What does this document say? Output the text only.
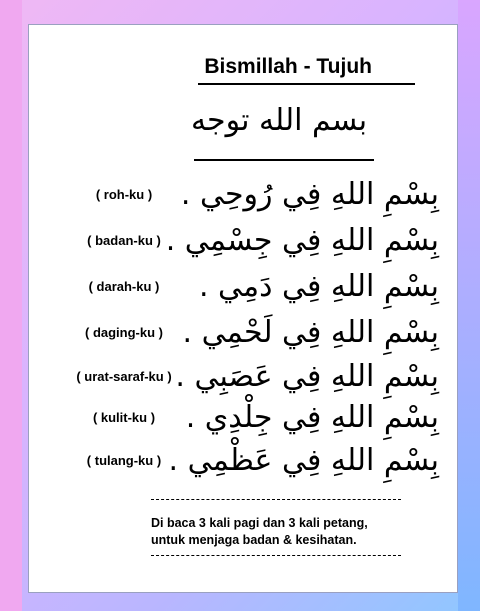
Bismillah - Tujuh
بسم الله توجه
( roh-ku ) بِسْمِ اللهِ فِي رُوحِي .
( badan-ku ) بِسْمِ اللهِ فِي جِسْمِي .
( darah-ku )	بِسْمِ اللهِ فِي دَمِي .
( daging-ku ) بِسْمِ اللهِ فِي لَحْمِي .
( urat-saraf-ku ) بِسْمِ اللهِ فِي عَصَبِي .
( kulit-ku )	بِسْمِ اللهِ فِي جِلْدِي .
( tulang-ku ) بِسْمِ اللهِ فِي عَظْمِي .
Di baca 3 kali pagi dan 3 kali petang,
untuk menjaga badan & kesihatan.
